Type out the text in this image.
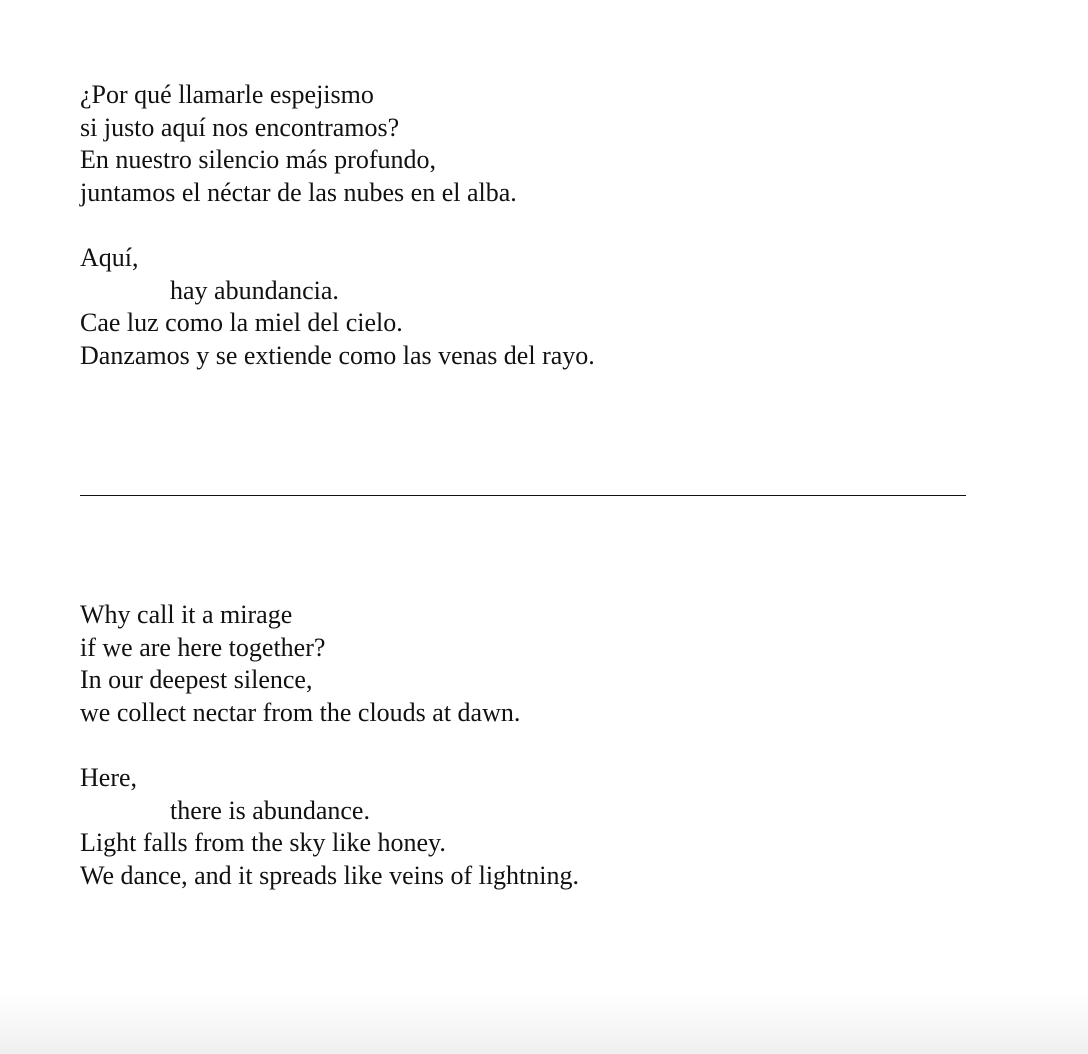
¿Por qué llamarle espejismo
si justo aquí nos encontramos?
En nuestro silencio más profundo,
juntamos el néctar de las nubes en el alba.
Aquí,
hay abundancia.
Cae luz como la miel del cielo.
Danzamos y se extiende como las venas del rayo.
Why call it a mirage
if we are here together?
In our deepest silence,
we collect nectar from the clouds at dawn.
Here,
there is abundance.
Light falls from the sky like honey.
We dance, and it spreads like veins of lightning.
